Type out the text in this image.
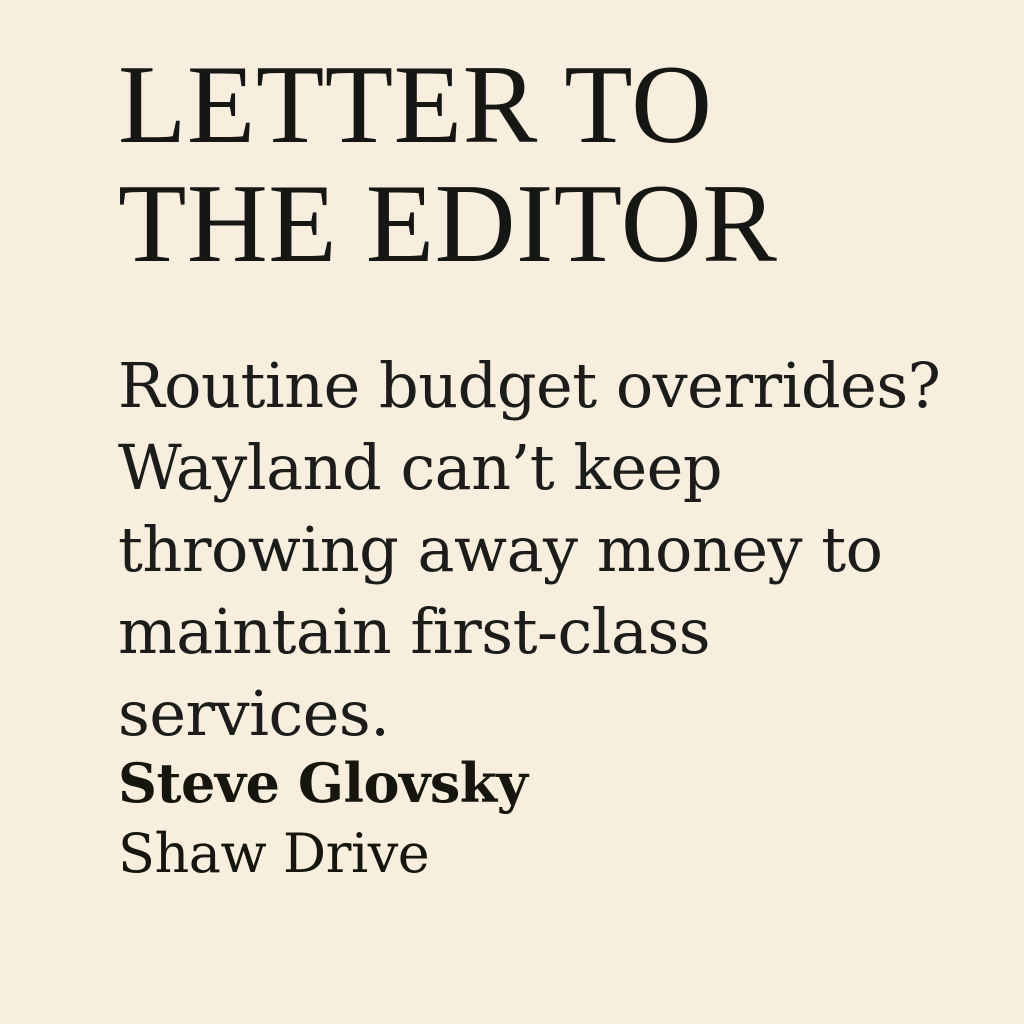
LETTER TO
THE EDITOR

Routine budget overrides? Wayland can’t keep throwing away money to maintain first-class services.

Steve Glovsky
Shaw Drive
